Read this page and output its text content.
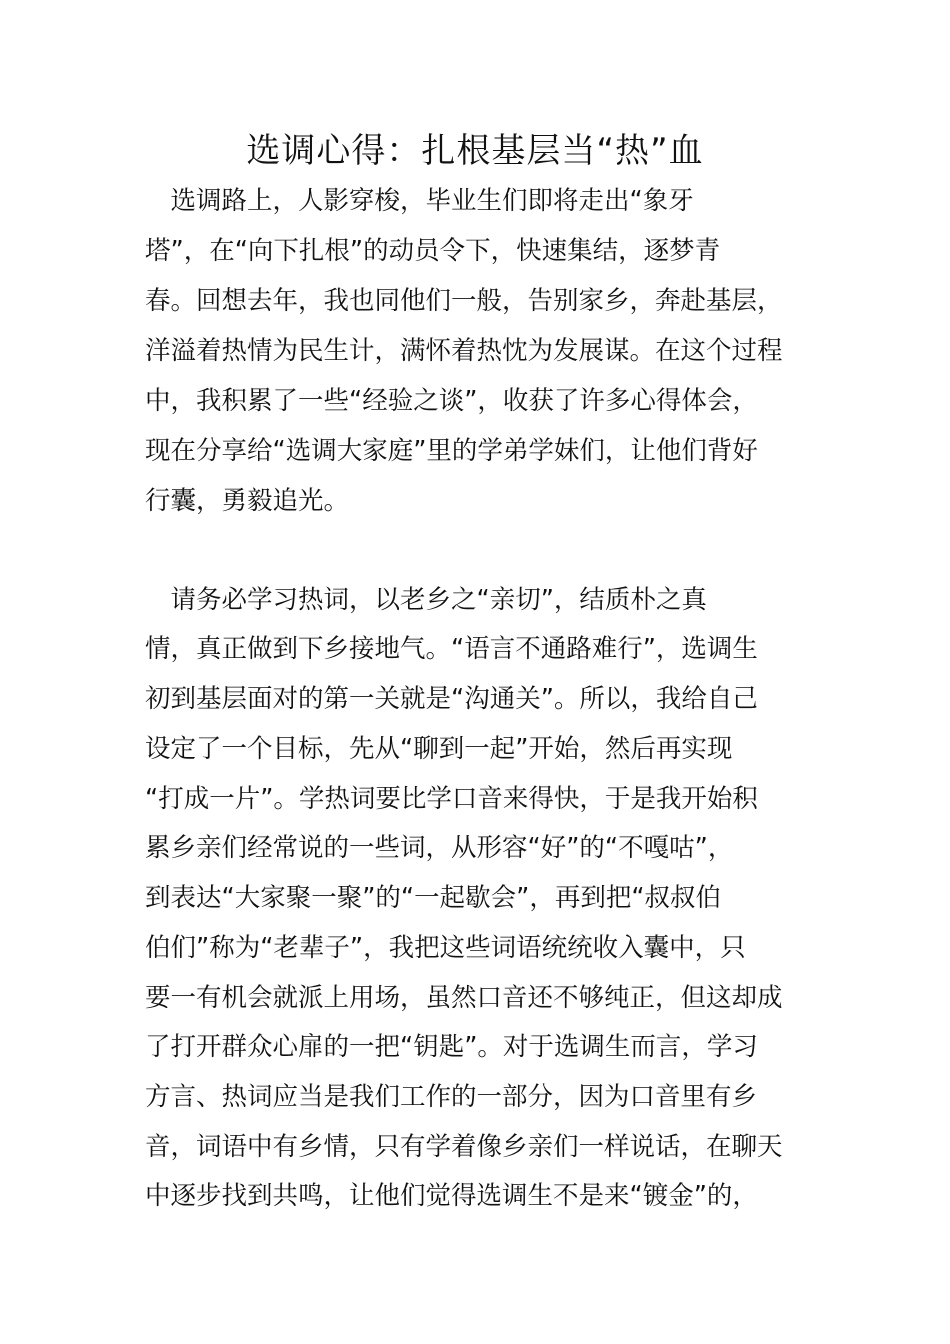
选调心得：扎根基层当“热”血

　选调路上，人影穿梭，毕业生们即将走出“象牙

塔”，在“向下扎根”的动员令下，快速集结，逐梦青

春。回想去年，我也同他们一般，告别家乡，奔赴基层，

洋溢着热情为民生计，满怀着热忱为发展谋。在这个过程

中，我积累了一些“经验之谈”，收获了许多心得体会，

现在分享给“选调大家庭”里的学弟学妹们，让他们背好

行囊，勇毅追光。

　请务必学习热词，以老乡之“亲切”，结质朴之真

情，真正做到下乡接地气。“语言不通路难行”，选调生

初到基层面对的第一关就是“沟通关”。所以，我给自己

设定了一个目标，先从“聊到一起”开始，然后再实现

“打成一片”。学热词要比学口音来得快，于是我开始积

累乡亲们经常说的一些词，从形容“好”的“不嘎咕”，

到表达“大家聚一聚”的“一起歇会”，再到把“叔叔伯

伯们”称为“老辈子”，我把这些词语统统收入囊中，只

要一有机会就派上用场，虽然口音还不够纯正，但这却成

了打开群众心扉的一把“钥匙”。对于选调生而言，学习

方言、热词应当是我们工作的一部分，因为口音里有乡

音，词语中有乡情，只有学着像乡亲们一样说话，在聊天

中逐步找到共鸣，让他们觉得选调生不是来“镀金”的，
